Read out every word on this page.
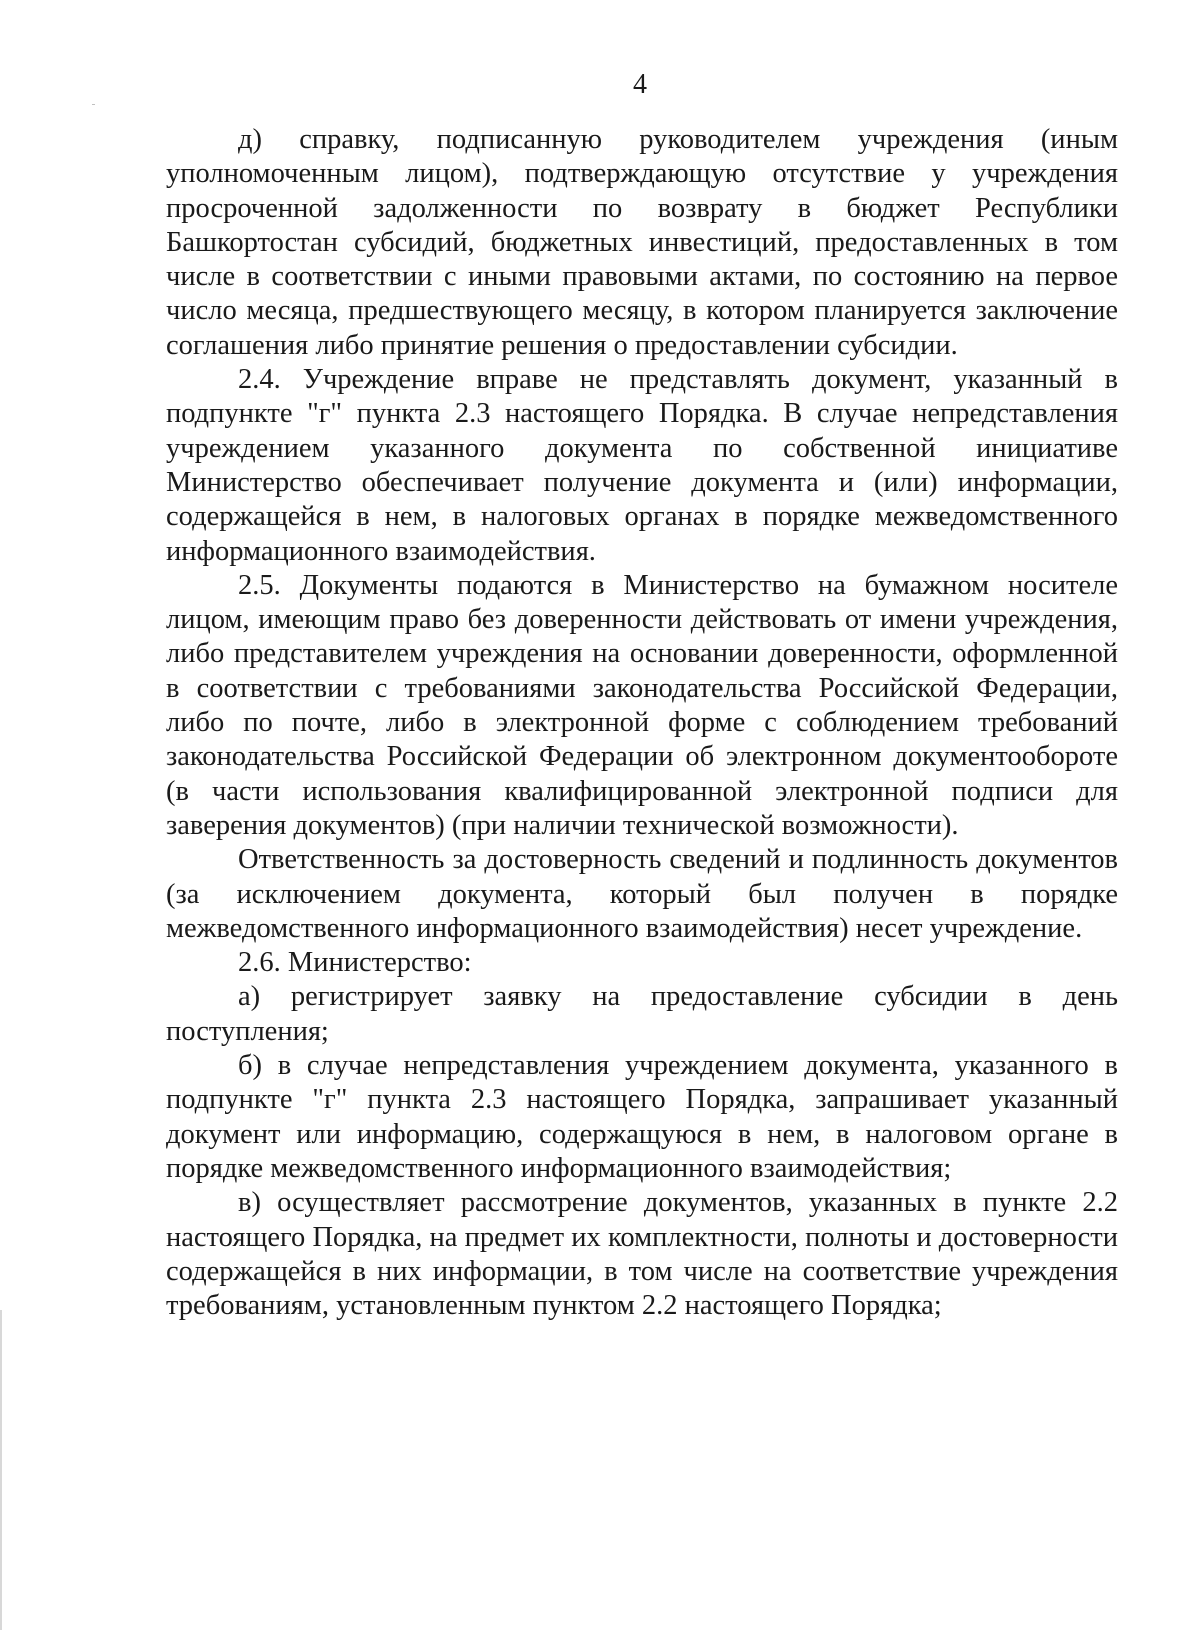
4

д) справку, подписанную руководителем учреждения (иным уполномоченным лицом), подтверждающую отсутствие у учреждения просроченной задолженности по возврату в бюджет Республики Башкортостан субсидий, бюджетных инвестиций, предоставленных в том числе в соответствии с иными правовыми актами, по состоянию на первое число месяца, предшествующего месяцу, в котором планируется заключение соглашения либо принятие решения о предоставлении субсидии.

2.4. Учреждение вправе не представлять документ, указанный в подпункте "г" пункта 2.3 настоящего Порядка. В случае непредставления учреждением указанного документа по собственной инициативе Министерство обеспечивает получение документа и (или) информации, содержащейся в нем, в налоговых органах в порядке межведомственного информационного взаимодействия.

2.5. Документы подаются в Министерство на бумажном носителе лицом, имеющим право без доверенности действовать от имени учреждения, либо представителем учреждения на основании доверенности, оформленной в соответствии с требованиями законодательства Российской Федерации, либо по почте, либо в электронной форме с соблюдением требований законодательства Российской Федерации об электронном документообороте (в части использования квалифицированной электронной подписи для заверения документов) (при наличии технической возможности).

Ответственность за достоверность сведений и подлинность документов (за исключением документа, который был получен в порядке межведомственного информационного взаимодействия) несет учреждение.

2.6. Министерство:

а) регистрирует заявку на предоставление субсидии в день поступления;

б) в случае непредставления учреждением документа, указанного в подпункте "г" пункта 2.3 настоящего Порядка, запрашивает указанный документ или информацию, содержащуюся в нем, в налоговом органе в порядке межведомственного информационного взаимодействия;

в) осуществляет рассмотрение документов, указанных в пункте 2.2 настоящего Порядка, на предмет их комплектности, полноты и достоверности содержащейся в них информации, в том числе на соответствие учреждения требованиям, установленным пунктом 2.2 настоящего Порядка;
